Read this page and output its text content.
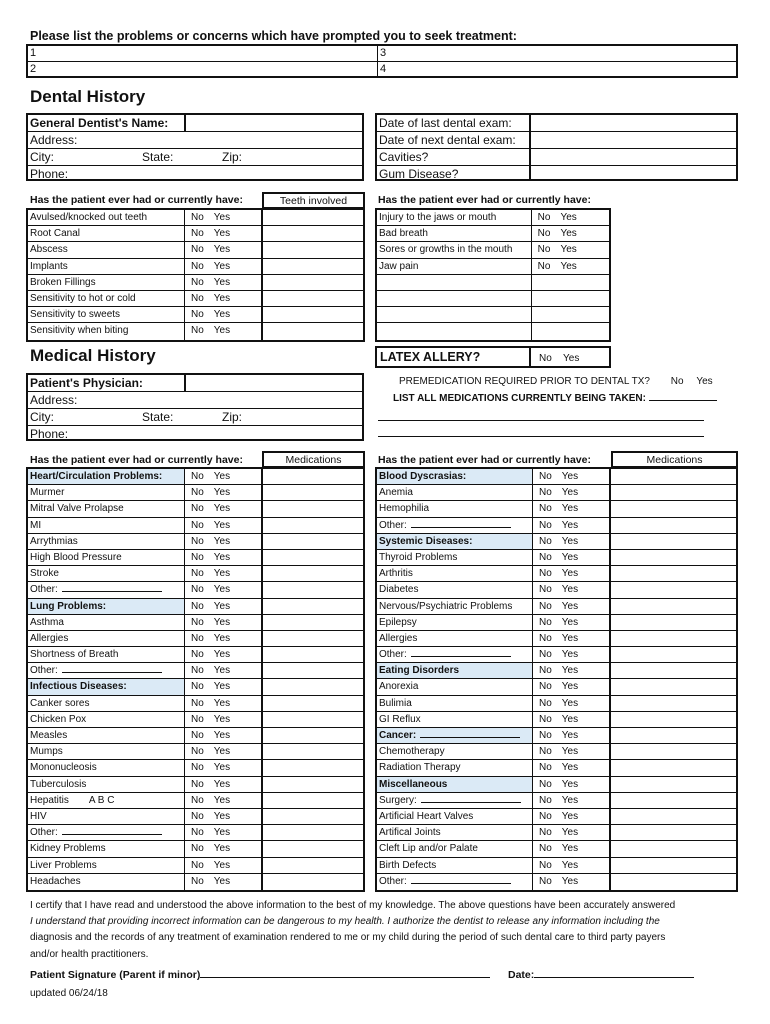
Please list the problems or concerns which have prompted you to seek treatment:
1	3
2	4
Dental History
General Dentist's Name:
Address:
City:	State:	Zip:
Phone:
Date of last dental exam:
Date of next dental exam:
Cavities?
Gum Disease?
Has the patient ever had or currently have:	Teeth involved	Has the patient ever had or currently have:
Avulsed/knocked out teeth	No Yes
Root Canal	No Yes
Abscess	No Yes
Implants	No Yes
Broken Fillings	No Yes
Sensitivity to hot or cold	No Yes
Sensitivity to sweets	No Yes
Sensitivity when biting	No Yes
Injury to the jaws or mouth	No Yes
Bad breath	No Yes
Sores or growths in the mouth	No Yes
Jaw pain	No Yes
Medical History	LATEX ALLERY?	No Yes
Patient's Physician:
Address:
City:	State:	Zip:
Phone:
PREMEDICATION REQUIRED PRIOR TO DENTAL TX? No Yes
LIST ALL MEDICATIONS CURRENTLY BEING TAKEN:
Has the patient ever had or currently have:	Medications	Has the patient ever had or currently have:	Medications
Heart/Circulation Problems:	No Yes
Murmer	No Yes
Mitral Valve Prolapse	No Yes
MI	No Yes
Arrythmias	No Yes
High Blood Pressure	No Yes
Stroke	No Yes
Other:	No Yes
Lung Problems:	No Yes
Asthma	No Yes
Allergies	No Yes
Shortness of Breath	No Yes
Other:	No Yes
Infectious Diseases:	No Yes
Canker sores	No Yes
Chicken Pox	No Yes
Measles	No Yes
Mumps	No Yes
Mononucleosis	No Yes
Tuberculosis	No Yes
Hepatitis A B C	No Yes
HIV	No Yes
Other:	No Yes
Kidney Problems	No Yes
Liver Problems	No Yes
Headaches	No Yes
Blood Dyscrasias:	No Yes
Anemia	No Yes
Hemophilia	No Yes
Other:	No Yes
Systemic Diseases:	No Yes
Thyroid Problems	No Yes
Arthritis	No Yes
Diabetes	No Yes
Nervous/Psychiatric Problems	No Yes
Epilepsy	No Yes
Allergies	No Yes
Other:	No Yes
Eating Disorders	No Yes
Anorexia	No Yes
Bulimia	No Yes
GI Reflux	No Yes
Cancer:	No Yes
Chemotherapy	No Yes
Radiation Therapy	No Yes
Miscellaneous	No Yes
Surgery:	No Yes
Artificial Heart Valves	No Yes
Artifical Joints	No Yes
Cleft Lip and/or Palate	No Yes
Birth Defects	No Yes
Other:	No Yes
I certify that I have read and understood the above information to the best of my knowledge. The above questions have been accurately answered
I understand that providing incorrect information can be dangerous to my health. I authorize the dentist to release any information including the
diagnosis and the records of any treatment of examination rendered to me or my child during the period of such dental care to third party payers
and/or health practitioners.
Patient Signature (Parent if minor)	Date:
updated 06/24/18
